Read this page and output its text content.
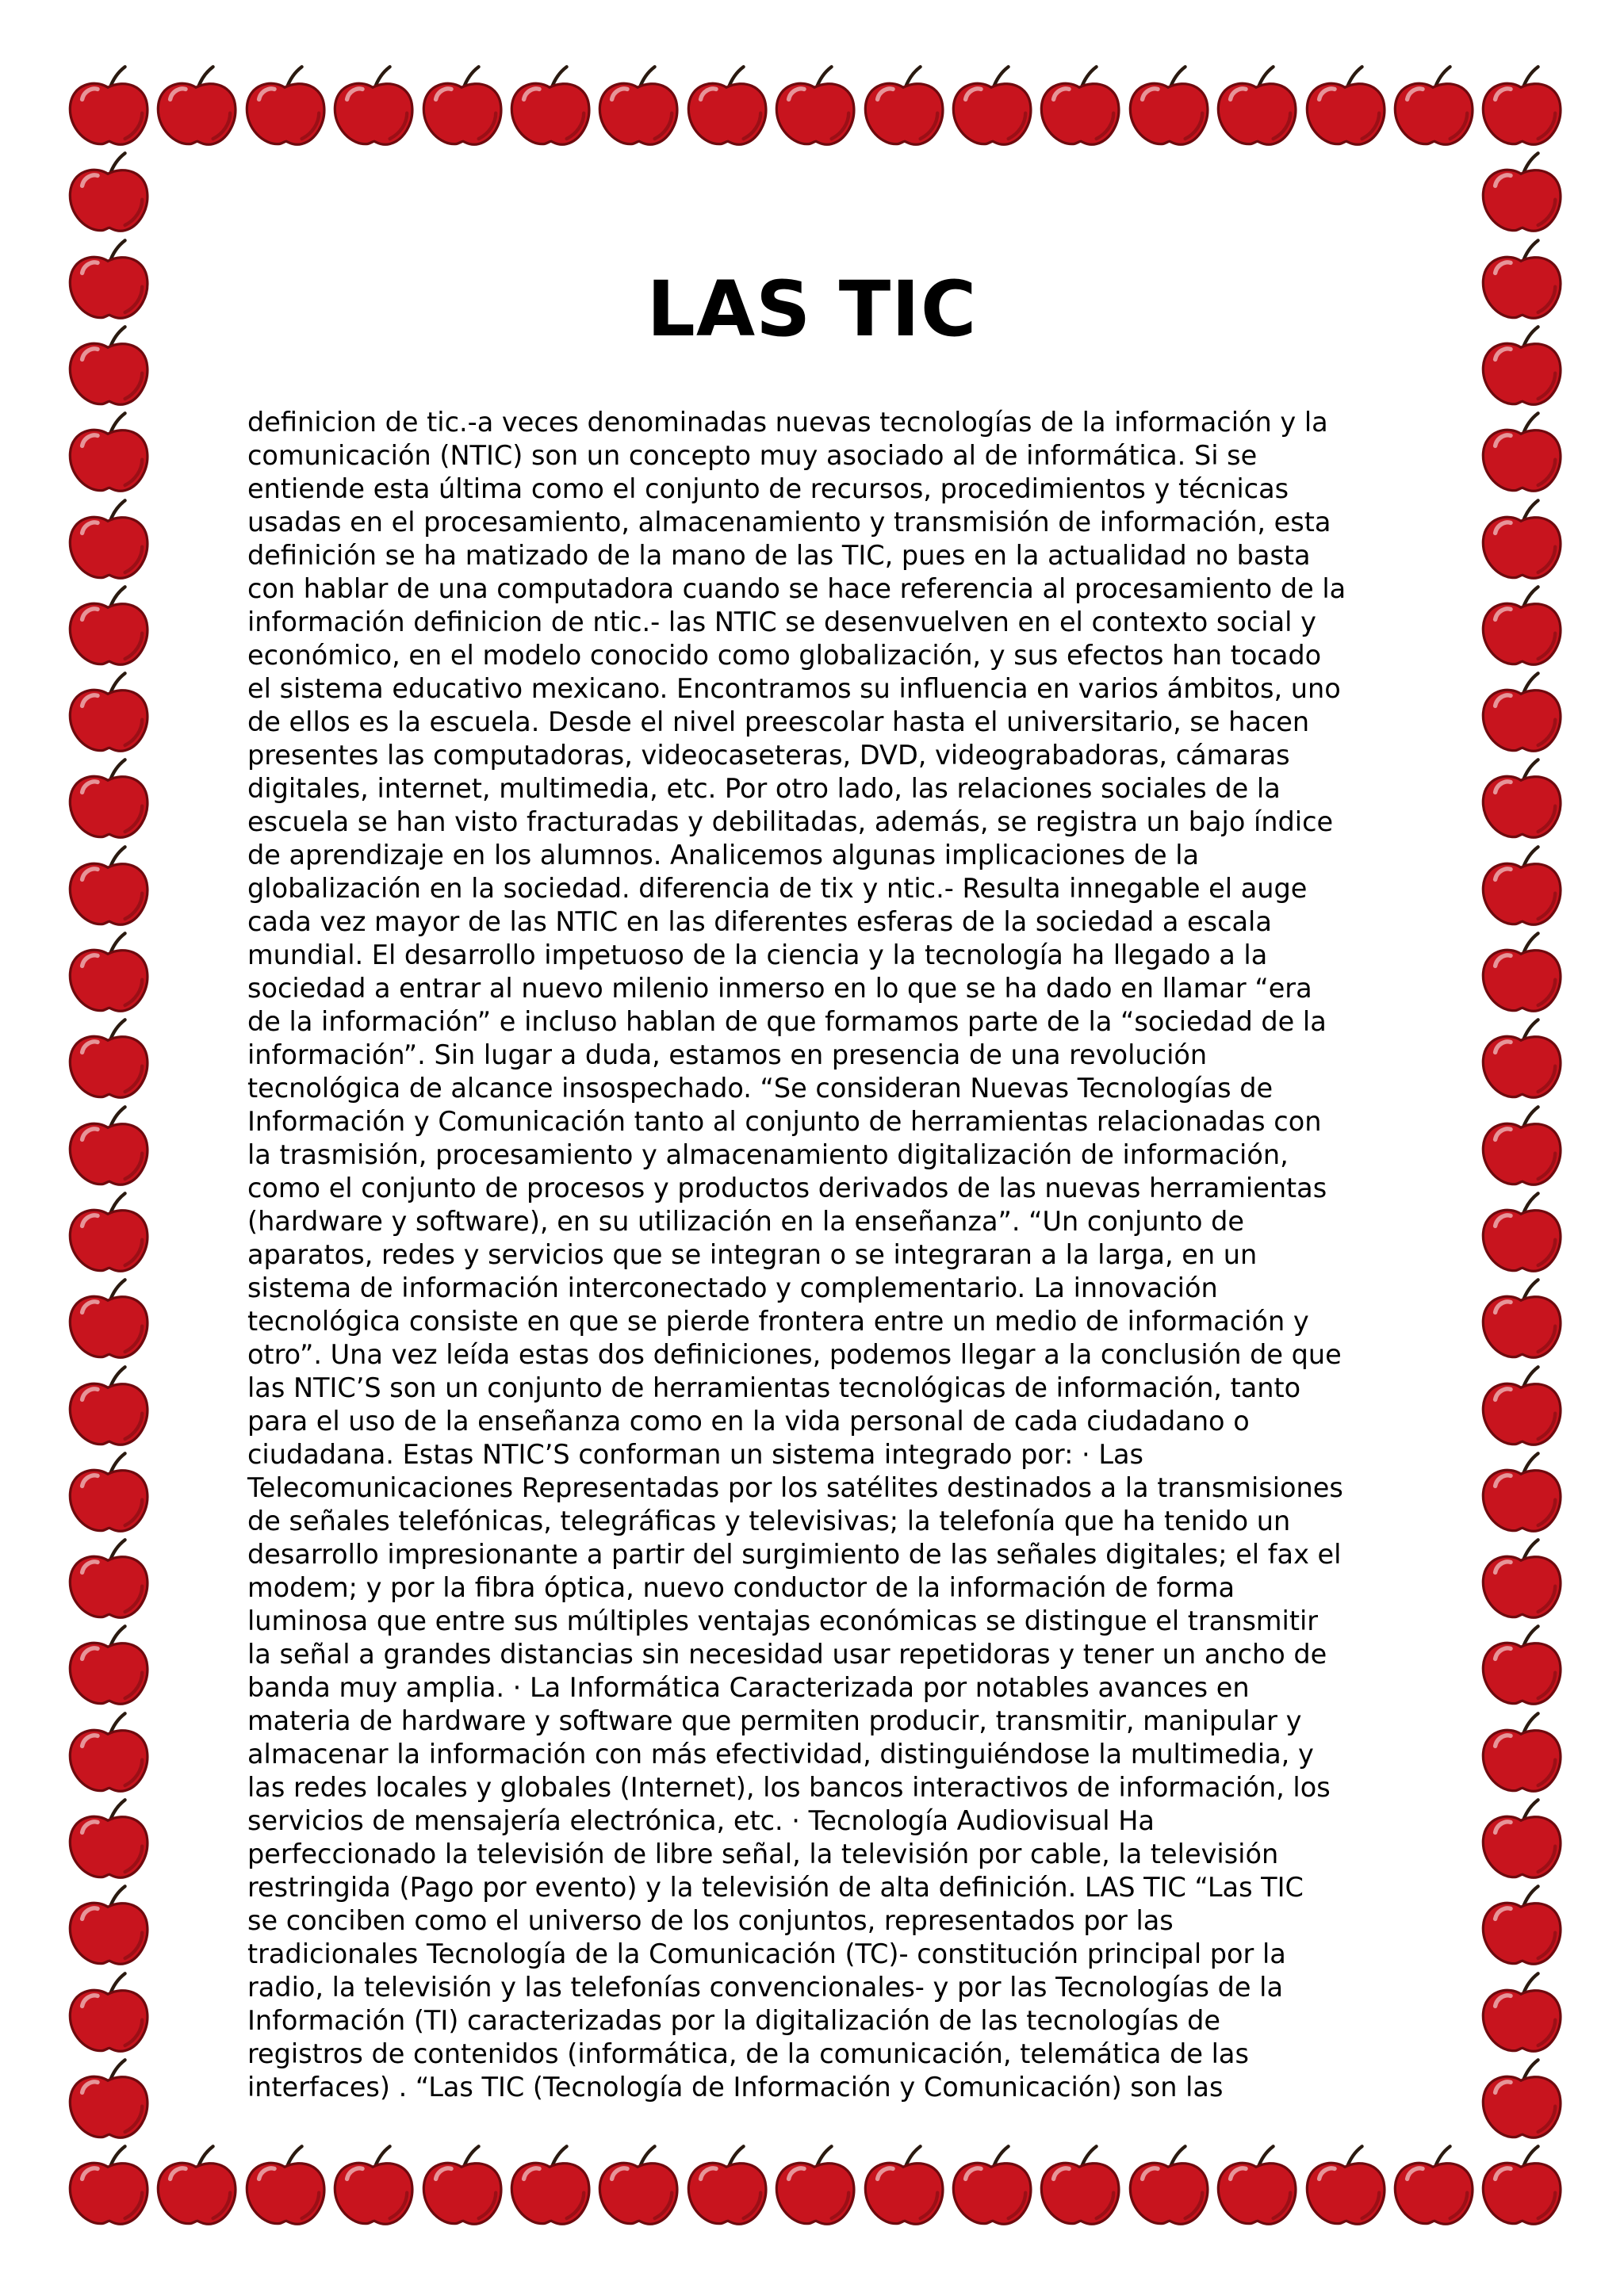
LAS TIC
definicion de tic.-a veces denominadas nuevas tecnologías de la información y la
comunicación (NTIC) son un concepto muy asociado al de informática. Si se
entiende esta última como el conjunto de recursos, procedimientos y técnicas
usadas en el procesamiento, almacenamiento y transmisión de información, esta
definición se ha matizado de la mano de las TIC, pues en la actualidad no basta
con hablar de una computadora cuando se hace referencia al procesamiento de la
información definicion de ntic.- las NTIC se desenvuelven en el contexto social y
económico, en el modelo conocido como globalización, y sus efectos han tocado
el sistema educativo mexicano. Encontramos su influencia en varios ámbitos, uno
de ellos es la escuela. Desde el nivel preescolar hasta el universitario, se hacen
presentes las computadoras, videocaseteras, DVD, videograbadoras, cámaras
digitales, internet, multimedia, etc. Por otro lado, las relaciones sociales de la
escuela se han visto fracturadas y debilitadas, además, se registra un bajo índice
de aprendizaje en los alumnos. Analicemos algunas implicaciones de la
globalización en la sociedad. diferencia de tix y ntic.- Resulta innegable el auge
cada vez mayor de las NTIC en las diferentes esferas de la sociedad a escala
mundial. El desarrollo impetuoso de la ciencia y la tecnología ha llegado a la
sociedad a entrar al nuevo milenio inmerso en lo que se ha dado en llamar “era
de la información” e incluso hablan de que formamos parte de la “sociedad de la
información”. Sin lugar a duda, estamos en presencia de una revolución
tecnológica de alcance insospechado. “Se consideran Nuevas Tecnologías de
Información y Comunicación tanto al conjunto de herramientas relacionadas con
la trasmisión, procesamiento y almacenamiento digitalización de información,
como el conjunto de procesos y productos derivados de las nuevas herramientas
(hardware y software), en su utilización en la enseñanza”. “Un conjunto de
aparatos, redes y servicios que se integran o se integraran a la larga, en un
sistema de información interconectado y complementario. La innovación
tecnológica consiste en que se pierde frontera entre un medio de información y
otro”. Una vez leída estas dos definiciones, podemos llegar a la conclusión de que
las NTIC’S son un conjunto de herramientas tecnológicas de información, tanto
para el uso de la enseñanza como en la vida personal de cada ciudadano o
ciudadana. Estas NTIC’S conforman un sistema integrado por: · Las
Telecomunicaciones Representadas por los satélites destinados a la transmisiones
de señales telefónicas, telegráficas y televisivas; la telefonía que ha tenido un
desarrollo impresionante a partir del surgimiento de las señales digitales; el fax el
modem; y por la fibra óptica, nuevo conductor de la información de forma
luminosa que entre sus múltiples ventajas económicas se distingue el transmitir
la señal a grandes distancias sin necesidad usar repetidoras y tener un ancho de
banda muy amplia. · La Informática Caracterizada por notables avances en
materia de hardware y software que permiten producir, transmitir, manipular y
almacenar la información con más efectividad, distinguiéndose la multimedia, y
las redes locales y globales (Internet), los bancos interactivos de información, los
servicios de mensajería electrónica, etc. · Tecnología Audiovisual Ha
perfeccionado la televisión de libre señal, la televisión por cable, la televisión
restringida (Pago por evento) y la televisión de alta definición. LAS TIC “Las TIC
se conciben como el universo de los conjuntos, representados por las
tradicionales Tecnología de la Comunicación (TC)- constitución principal por la
radio, la televisión y las telefonías convencionales- y por las Tecnologías de la
Información (TI) caracterizadas por la digitalización de las tecnologías de
registros de contenidos (informática, de la comunicación, telemática de las
interfaces) . “Las TIC (Tecnología de Información y Comunicación) son las
